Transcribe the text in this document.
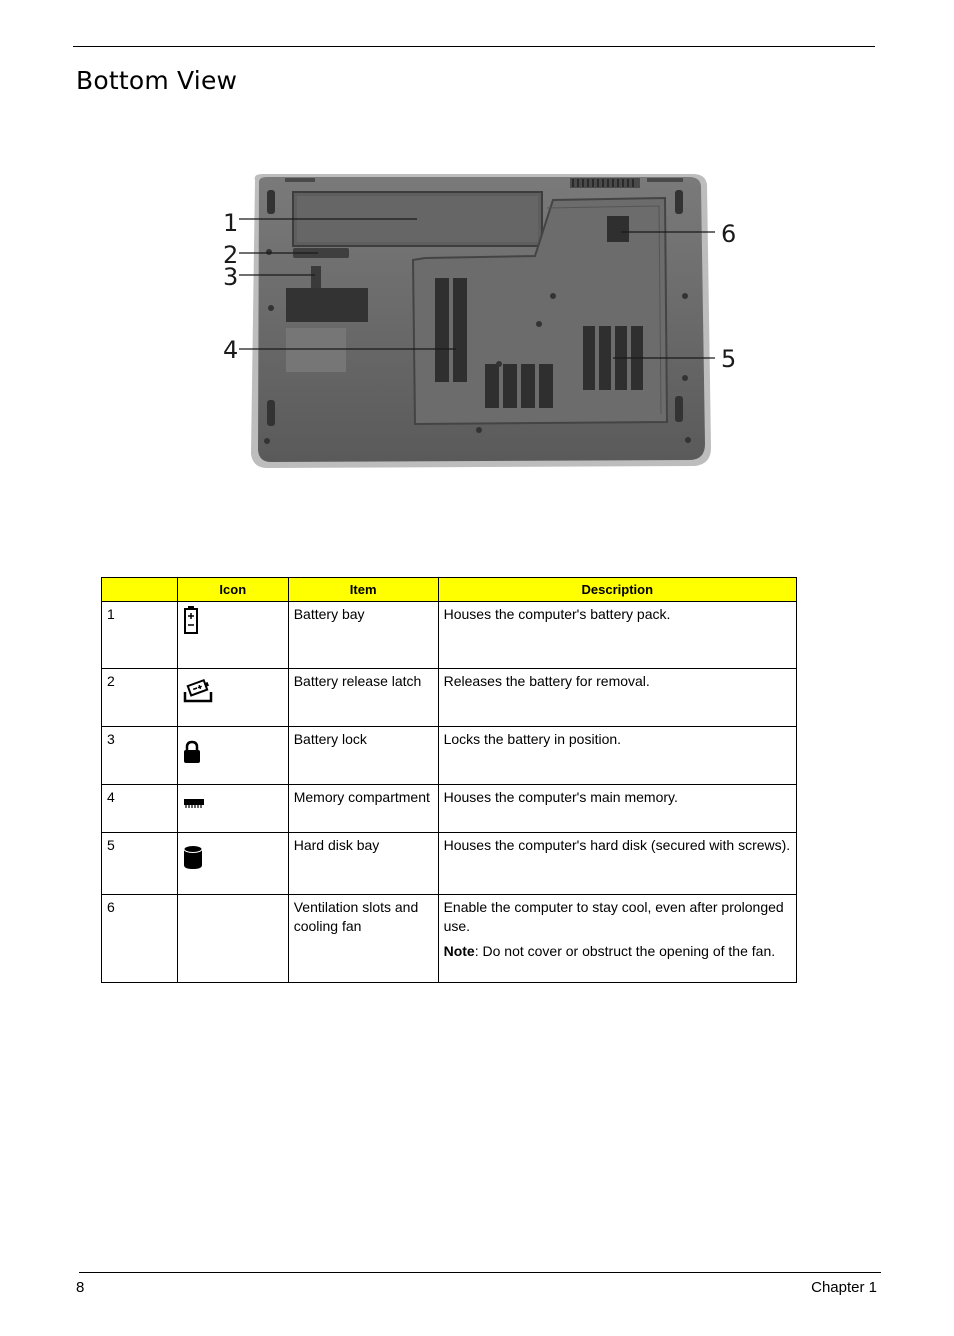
Bottom View
1
2
3
4	5
6
	Icon	Item	Description
1		Battery bay	Houses the computer's battery pack.

2		Battery release latch	Releases the battery for removal.

3		Battery lock	Locks the battery in position.

4		Memory compartment	Houses the computer's main memory.

5		Hard disk bay	Houses the computer's hard disk (secured with screws).

6		Ventilation slots and cooling fan	Enable the computer to stay cool, even after prolonged use.

Note: Do not cover or obstruct the opening of the fan.

8	Chapter 1
